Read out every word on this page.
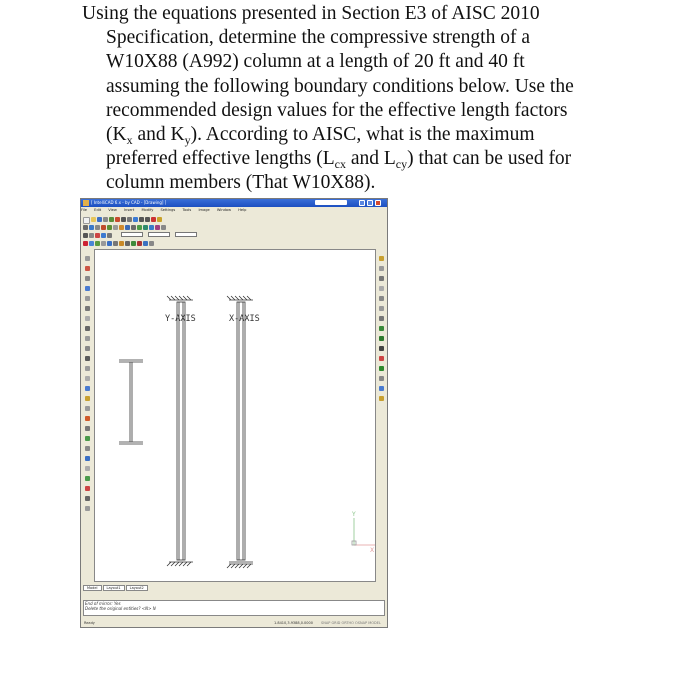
Using the equations presented in Section E3 of AISC 2010
Specification, determine the compressive strength of a
W10X88 (A992) column at a length of 20 ft and 40 ft
assuming the following boundary conditions below. Use the
recommended design values for the effective length factors
($K_x$ and $K_y$). According to AISC, what is the maximum
preferred effective lengths ($L_{cx}$ and $L_{cy}$) that can be used for
column members (That W10X88).
[ IntelliCAD 6.x - by CAD - [Drawing] ]
File Edit View Insert Modify Settings Tools Image Window Help

Y-AXIS	X-AXIS
Y
X
Model	Layout1	Layout2
End of mirror: Yes
Delete the original entities? <N> N
Ready	1.8410,3.9388,0.0000 SNAP GRID ORTHO OSNAP MODEL
